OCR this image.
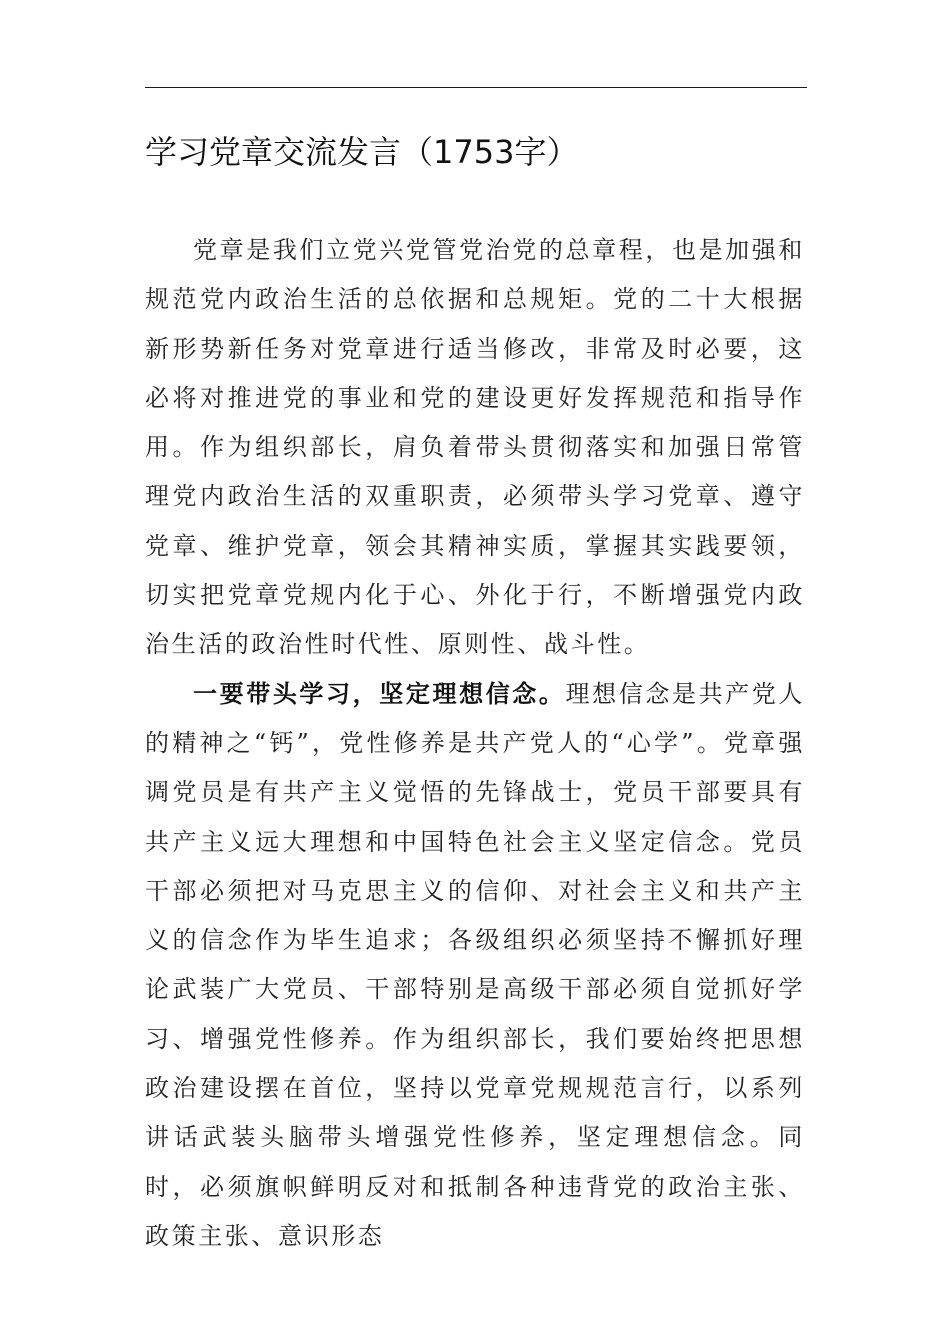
学习党章交流发言（1753字）

党章是我们立党兴党管党治党的总章程，也是加强和规范党内政治生活的总依据和总规矩。党的二十大根据新形势新任务对党章进行适当修改，非常及时必要，这必将对推进党的事业和党的建设更好发挥规范和指导作用。作为组织部长，肩负着带头贯彻落实和加强日常管理党内政治生活的双重职责，必须带头学习党章、遵守党章、维护党章，领会其精神实质，掌握其实践要领，切实把党章党规内化于心、外化于行，不断增强党内政治生活的政治性时代性、原则性、战斗性。

一要带头学习，坚定理想信念。理想信念是共产党人的精神之“钙”，党性修养是共产党人的“心学”。党章强调党员是有共产主义觉悟的先锋战士，党员干部要具有共产主义远大理想和中国特色社会主义坚定信念。党员干部必须把对马克思主义的信仰、对社会主义和共产主义的信念作为毕生追求；各级组织必须坚持不懈抓好理论武装广大党员、干部特别是高级干部必须自觉抓好学习、增强党性修养。作为组织部长，我们要始终把思想政治建设摆在首位，坚持以党章党规规范言行，以系列讲话武装头脑带头增强党性修养，坚定理想信念。同时，必须旗帜鲜明反对和抵制各种违背党的政治主张、政策主张、意识形态
